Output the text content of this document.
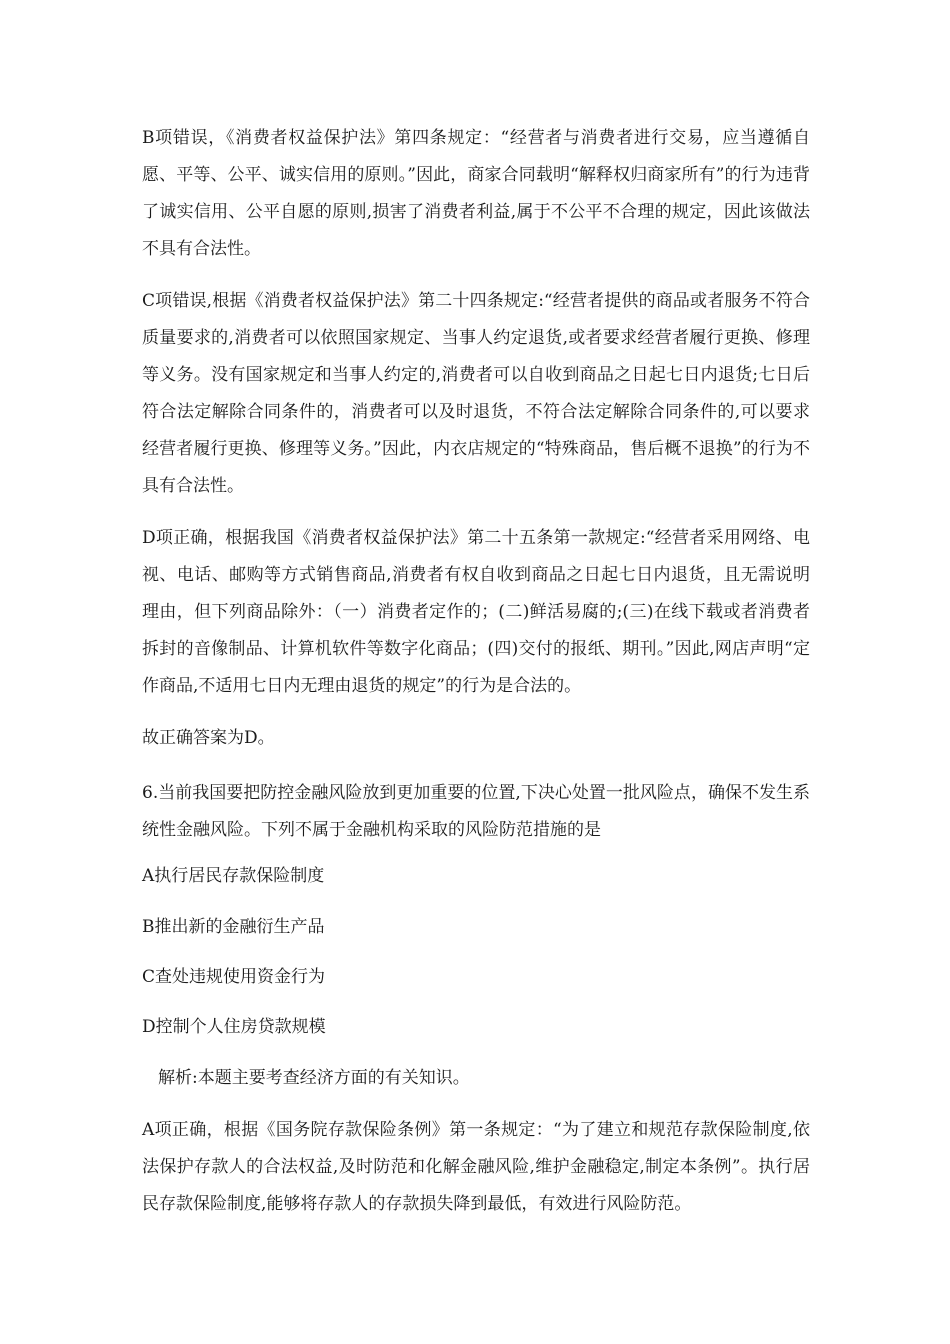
B项错误，《消费者权益保护法》第四条规定：“经营者与消费者进行交易，应当遵循自愿、平等、公平、诚实信用的原则。”因此，商家合同载明“解释权归商家所有”的行为违背了诚实信用、公平自愿的原则,损害了消费者利益,属于不公平不合理的规定，因此该做法不具有合法性。

C项错误,根据《消费者权益保护法》第二十四条规定:“经营者提供的商品或者服务不符合质量要求的,消费者可以依照国家规定、当事人约定退货,或者要求经营者履行更换、修理等义务。没有国家规定和当事人约定的,消费者可以自收到商品之日起七日内退货;七日后符合法定解除合同条件的，消费者可以及时退货，不符合法定解除合同条件的,可以要求经营者履行更换、修理等义务。”因此，内衣店规定的“特殊商品，售后概不退换”的行为不具有合法性。

D项正确，根据我国《消费者权益保护法》第二十五条第一款规定:“经营者采用网络、电视、电话、邮购等方式销售商品,消费者有权自收到商品之日起七日内退货，且无需说明理由，但下列商品除外：（一）消费者定作的；(二)鲜活易腐的;(三)在线下载或者消费者拆封的音像制品、计算机软件等数字化商品；(四)交付的报纸、期刊。”因此,网店声明“定作商品,不适用七日内无理由退货的规定”的行为是合法的。

故正确答案为D。

6.当前我国要把防控金融风险放到更加重要的位置,下决心处置一批风险点，确保不发生系统性金融风险。下列不属于金融机构采取的风险防范措施的是

A执行居民存款保险制度

B推出新的金融衍生产品

C查处违规使用资金行为

D控制个人住房贷款规模

解析:本题主要考查经济方面的有关知识。

A项正确，根据《国务院存款保险条例》第一条规定：“为了建立和规范存款保险制度,依法保护存款人的合法权益,及时防范和化解金融风险,维护金融稳定,制定本条例”。执行居民存款保险制度,能够将存款人的存款损失降到最低，有效进行风险防范。
